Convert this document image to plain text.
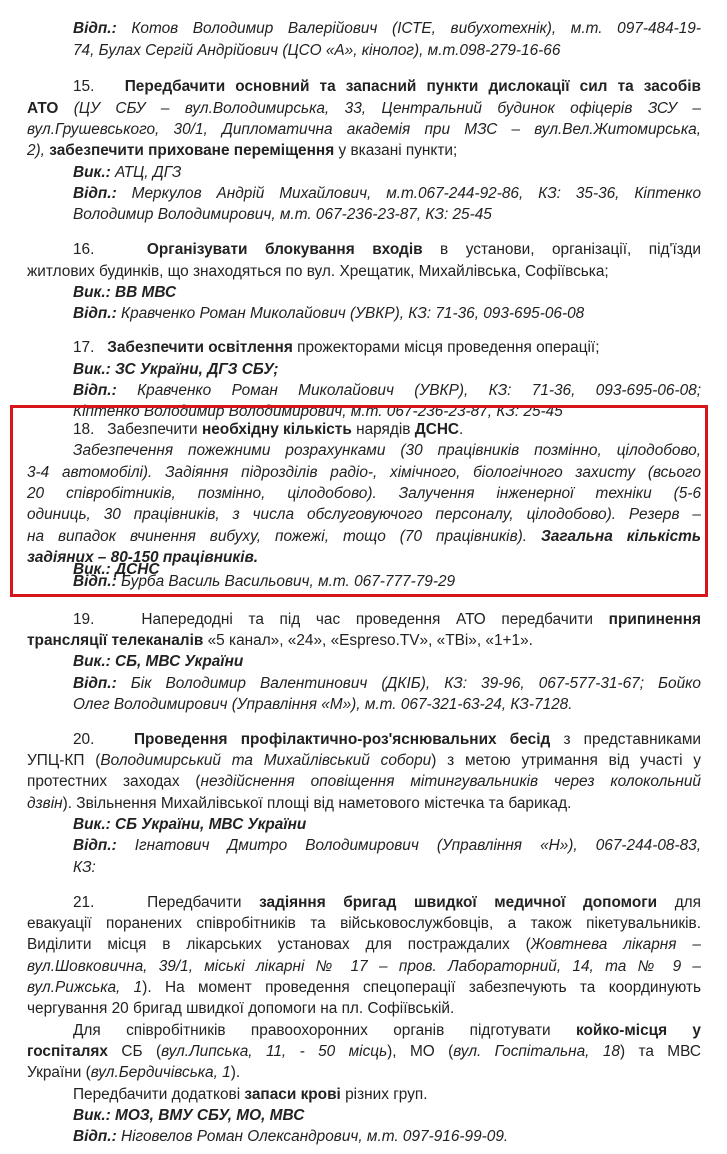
Відп.: Котов Володимир Валерійович (ІСТЕ, вибухотехнік), м.т. 097-484-19-
74, Булах Сергій Андрійович (ЦСО «А», кінолог), м.т.098-279-16-66
15. Передбачити основний та запасний пункти дислокації сил та засобів
АТО (ЦУ СБУ – вул.Володимирська, 33, Центральний будинок офіцерів ЗСУ –
вул.Грушевського, 30/1, Дипломатична академія при МЗС – вул.Вел.Житомирська,
2), забезпечити приховане переміщення у вказані пункти;
Вик.: АТЦ, ДГЗ
Відп.: Меркулов Андрій Михайлович, м.т.067-244-92-86, КЗ: 35-36, Кіптенко
Володимир Володимирович, м.т. 067-236-23-87, КЗ: 25-45
16.	Організувати блокування входів в установи, організації, під'їзди
житлових будинків, що знаходяться по вул. Хрещатик, Михайлівська, Софіївська;
Вик.: ВВ МВС
Відп.: Кравченко Роман Миколайович (УВКР), КЗ: 71-36, 093-695-06-08
17. Забезпечити освітлення прожекторами місця проведення операції;
Вик.: ЗС України, ДГЗ СБУ;
Відп.: Кравченко Роман Миколайович (УВКР), КЗ: 71-36, 093-695-06-08;
Кіптенко Володимир Володимирович, м.т. 067-236-23-87, КЗ: 25-45
18. Забезпечити необхідну кількість нарядів ДСНС.
Забезпечення пожежними розрахунками (30 працівників позмінно, цілодобово,
3-4 автомобілі). Задіяння підрозділів радіо-, хімічного, біологічного захисту (всього
20 співробітників, позмінно, цілодобово). Залучення інженерної техніки (5-6
одиниць, 30 працівників, з числа обслуговуючого персоналу, цілодобово). Резерв –
на випадок вчинення вибуху, пожежі, тощо (70 працівників). Загальна кількість
задіяних – 80-150 працівників.
Вик.: ДСНС
Відп.: Бурба Василь Васильович, м.т. 067-777-79-29
19.	Напередодні та під час проведення АТО передбачити припинення
трансляції телеканалів «5 канал», «24», «Espreso.TV», «ТВі», «1+1».
Вик.: СБ, МВС України
Відп.: Бік Володимир Валентинович (ДКІБ), КЗ: 39-96, 067-577-31-67; Бойко
Олег Володимирович (Управління «М»), м.т. 067-321-63-24, КЗ-7128.
20.	Проведення профілактично-роз'яснювальних бесід з представниками
УПЦ-КП (Володимирський та Михайлівський собори) з метою утримання від участі у
протестних заходах (нездійснення оповіщення мітингувальників через колокольний
дзвін). Звільнення Михайлівської площі від наметового містечка та барикад.
Вик.: СБ України, МВС України
Відп.: Ігнатович Дмитро Володимирович (Управління «Н»), 067-244-08-83,
КЗ:
21.	Передбачити задіяння бригад швидкої медичної допомоги для
евакуації поранених співробітників та військовослужбовців, а також пікетувальників.
Виділити місця в лікарських установах для постраждалих (Жовтнева лікарня –
вул.Шовковична, 39/1, міські лікарні № 17 – пров. Лабораторний, 14, та № 9 –
вул.Рижська, 1). На момент проведення спецоперації забезпечують та координують
чергування 20 бригад швидкої допомоги на пл. Софіївській.
Для співробітників правоохоронних органів підготувати койко-місця у
госпіталях СБ (вул.Липська, 11, - 50 місць), МО (вул. Госпітальна, 18) та МВС
України (вул.Бердичівська, 1).
Передбачити додаткові запаси крові різних груп.
Вик.: МОЗ, ВМУ СБУ, МО, МВС
Відп.: Ніговелов Роман Олександрович, м.т. 097-916-99-09.
